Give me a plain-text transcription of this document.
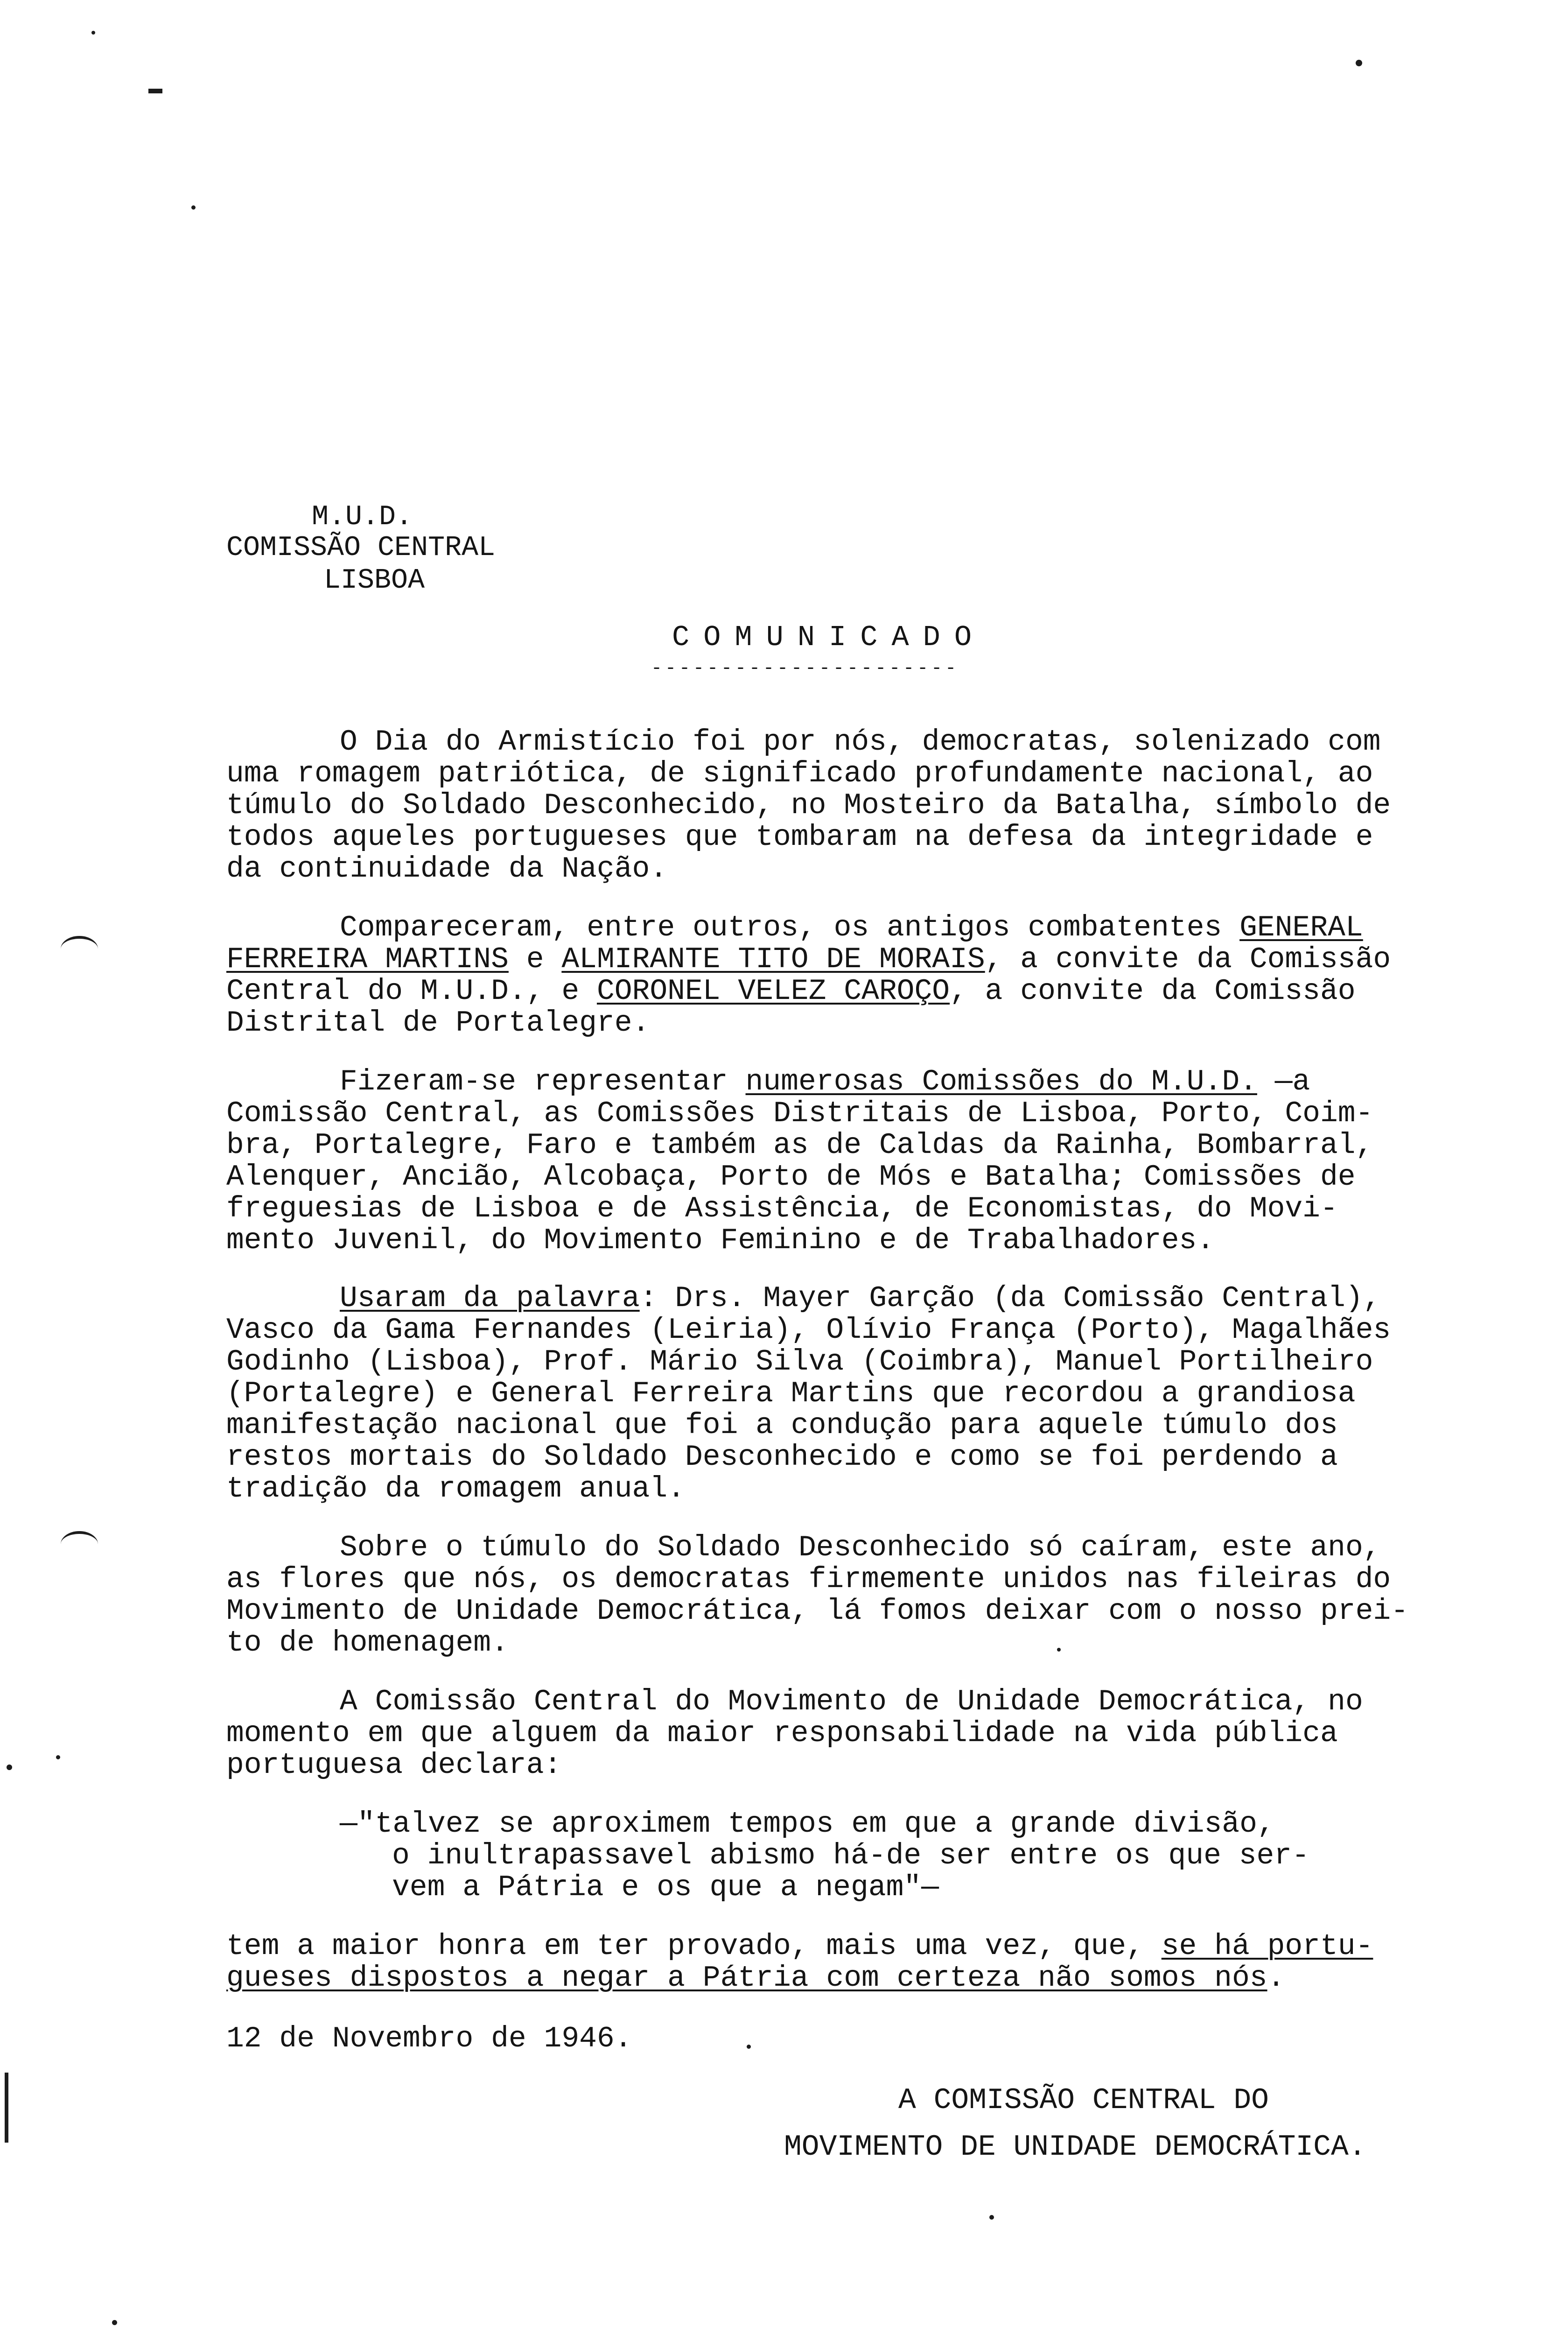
M.U.D.
COMISSÃO CENTRAL
LISBOA
COMUNICADO
----------------------
O Dia do Armistício foi por nós, democratas, solenizado com
uma romagem patriótica, de significado profundamente nacional, ao
túmulo do Soldado Desconhecido, no Mosteiro da Batalha, símbolo de
todos aqueles portugueses que tombaram na defesa da integridade e
da continuidade da Nação.
Compareceram, entre outros, os antigos combatentes GENERAL
FERREIRA MARTINS e ALMIRANTE TITO DE MORAIS, a convite da Comissão
Central do M.U.D., e CORONEL VELEZ CAROÇO, a convite da Comissão
Distrital de Portalegre.
Fizeram-se representar numerosas Comissões do M.U.D. —a
Comissão Central, as Comissões Distritais de Lisboa, Porto, Coim-
bra, Portalegre, Faro e também as de Caldas da Rainha, Bombarral,
Alenquer, Ancião, Alcobaça, Porto de Mós e Batalha; Comissões de
freguesias de Lisboa e de Assistência, de Economistas, do Movi-
mento Juvenil, do Movimento Feminino e de Trabalhadores.
Usaram da palavra: Drs. Mayer Garção (da Comissão Central),
Vasco da Gama Fernandes (Leiria), Olívio França (Porto), Magalhães
Godinho (Lisboa), Prof. Mário Silva (Coimbra), Manuel Portilheiro
(Portalegre) e General Ferreira Martins que recordou a grandiosa
manifestação nacional que foi a condução para aquele túmulo dos
restos mortais do Soldado Desconhecido e como se foi perdendo a
tradição da romagem anual.
Sobre o túmulo do Soldado Desconhecido só caíram, este ano,
as flores que nós, os democratas firmemente unidos nas fileiras do
Movimento de Unidade Democrática, lá fomos deixar com o nosso prei-
to de homenagem.
A Comissão Central do Movimento de Unidade Democrática, no
momento em que alguem da maior responsabilidade na vida pública
portuguesa declara:
—"talvez se aproximem tempos em que a grande divisão,
o inultrapassavel abismo há-de ser entre os que ser-
vem a Pátria e os que a negam"—
tem a maior honra em ter provado, mais uma vez, que, se há portu-
gueses dispostos a negar a Pátria com certeza não somos nós.
12 de Novembro de 1946.
A COMISSÃO CENTRAL DO
MOVIMENTO DE UNIDADE DEMOCRÁTICA.
